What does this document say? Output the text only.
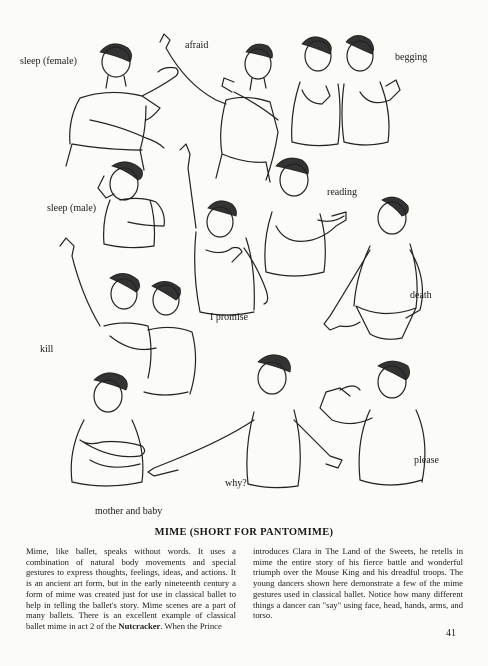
sleep (female)
afraid
begging
sleep (male)
reading
I promise
death
kill
mother and baby
why?
please
MIME (SHORT FOR PANTOMIME)
Mime, like ballet, speaks without words. It uses a combination of natural body movements and special gestures to express thoughts, feelings, ideas, and actions. It is an ancient art form, but in the early nineteenth century a form of mime was created just for use in classical ballet to help in telling the ballet's story. Mime scenes are a part of many ballets. There is an excellent example of classical ballet mime in act 2 of the Nutcracker. When the Prince
introduces Clara in The Land of the Sweets, he retells in mime the entire story of his fierce battle and wonderful triumph over the Mouse King and his dreadful troops. The young dancers shown here demonstrate a few of the mime gestures used in classical ballet. Notice how many different things a dancer can "say" using face, head, hands, arms, and torso.
41
